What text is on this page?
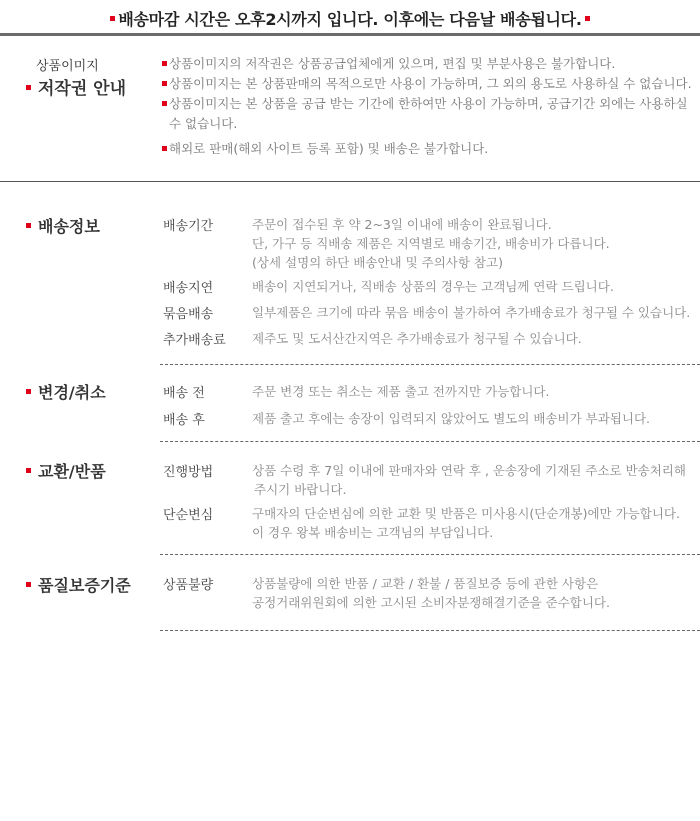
배송마감 시간은 오후2시까지 입니다. 이후에는 다음날 배송됩니다.
상품이미지
저작권 안내
상품이미지의 저작권은 상품공급업체에게 있으며, 편집 및 부분사용은 불가합니다.
상품이미지는 본 상품판매의 목적으로만 사용이 가능하며, 그 외의 용도로 사용하실 수 없습니다.
상품이미지는 본 상품을 공급 받는 기간에 한하여만 사용이 가능하며, 공급기간 외에는 사용하실 수 없습니다.
해외로 판매(해외 사이트 등록 포함) 및 배송은 불가합니다.
배송정보	배송기간	주문이 접수된 후 약 2~3일 이내에 배송이 완료됩니다.
단, 가구 등 직배송 제품은 지역별로 배송기간, 배송비가 다릅니다.
(상세 설명의 하단 배송안내 및 주의사항 참고)
배송지연	배송이 지연되거나, 직배송 상품의 경우는 고객님께 연락 드립니다.
묶음배송	일부제품은 크기에 따라 묶음 배송이 불가하여 추가배송료가 청구될 수 있습니다.
추가배송료 제주도 및 도서산간지역은 추가배송료가 청구될 수 있습니다.
변경/취소	배송 전	주문 변경 또는 취소는 제품 출고 전까지만 가능합니다.
배송 후	제품 출고 후에는 송장이 입력되지 않았어도 별도의 배송비가 부과됩니다.
교환/반품	진행방법	상품 수령 후 7일 이내에 판매자와 연락 후 , 운송장에 기재된 주소로 반송처리해
주시기 바랍니다.
단순변심	구매자의 단순변심에 의한 교환 및 반품은 미사용시(단순개봉)에만 가능합니다.
이 경우 왕복 배송비는 고객님의 부담입니다.
품질보증기준 상품불량	상품불량에 의한 반품 / 교환 / 환불 / 품질보증 등에 관한 사항은
공정거래위원회에 의한 고시된 소비자분쟁해결기준을 준수합니다.
